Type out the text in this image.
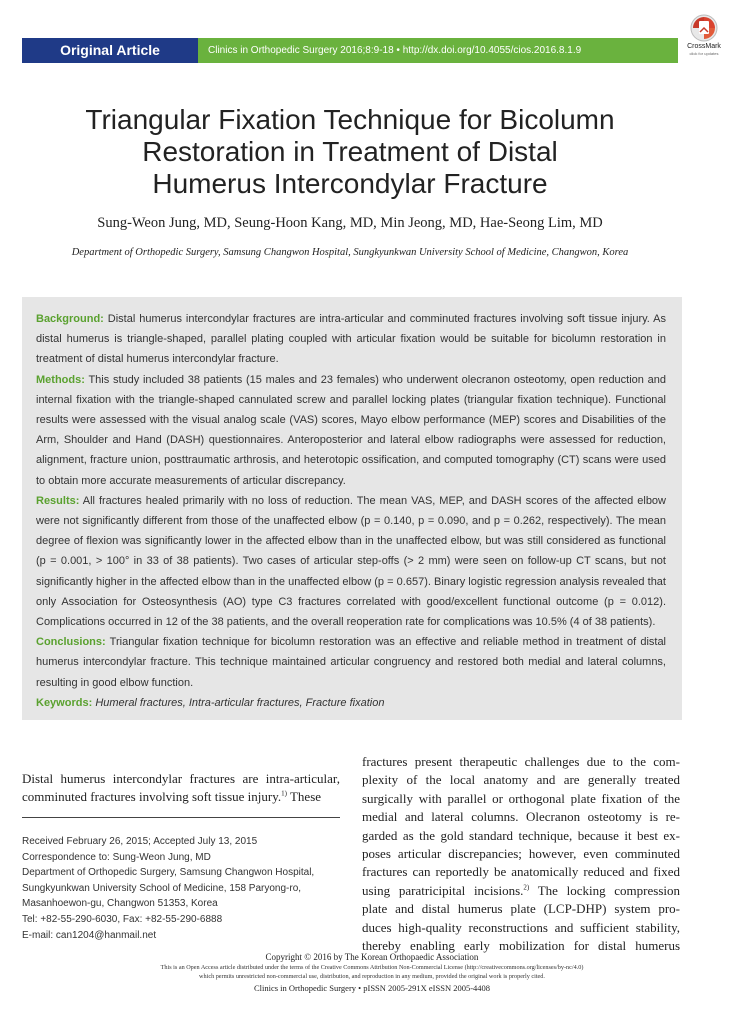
Original Article	Clinics in Orthopedic Surgery 2016;8:9-18 • http://dx.doi.org/10.4055/cios.2016.8.1.9	CrossMark
click for updates
Triangular Fixation Technique for Bicolumn
Restoration in Treatment of Distal
Humerus Intercondylar Fracture
Sung-Weon Jung, MD, Seung-Hoon Kang, MD, Min Jeong, MD, Hae-Seong Lim, MD
Department of Orthopedic Surgery, Samsung Changwon Hospital, Sungkyunkwan University School of Medicine, Changwon, Korea

Background: Distal humerus intercondylar fractures are intra-articular and comminuted fractures involving soft tissue injury. As distal humerus is triangle-shaped, parallel plating coupled with articular fixation would be suitable for bicolumn restoration in treatment of distal humerus intercondylar fracture.

Methods: This study included 38 patients (15 males and 23 females) who underwent olecranon osteotomy, open reduction and internal fixation with the triangle-shaped cannulated screw and parallel locking plates (triangular fixation technique). Functional results were assessed with the visual analog scale (VAS) scores, Mayo elbow performance (MEP) scores and Disabilities of the Arm, Shoulder and Hand (DASH) questionnaires. Anteroposterior and lateral elbow radiographs were assessed for reduction, alignment, fracture union, posttraumatic arthrosis, and heterotopic ossification, and computed tomography (CT) scans were used to obtain more accurate measurements of articular discrepancy.

Results: All fractures healed primarily with no loss of reduction. The mean VAS, MEP, and DASH scores of the affected elbow were not significantly different from those of the unaffected elbow (p = 0.140, p = 0.090, and p = 0.262, respectively). The mean degree of flexion was significantly lower in the affected elbow than in the unaffected elbow, but was still considered as functional (p = 0.001, > 100° in 33 of 38 patients). Two cases of articular step-offs (> 2 mm) were seen on follow-up CT scans, but not significantly higher in the affected elbow than in the unaffected elbow (p = 0.657). Binary logistic regression analysis revealed that only Association for Osteosynthesis (AO) type C3 fractures correlated with good/excellent functional outcome (p = 0.012). Complications occurred in 12 of the 38 patients, and the overall reoperation rate for complications was 10.5% (4 of 38 patients).

Conclusions: Triangular fixation technique for bicolumn restoration was an effective and reliable method in treatment of distal humerus intercondylar fracture. This technique maintained articular congruency and restored both medial and lateral columns, resulting in good elbow function.

Keywords: Humeral fractures, Intra-articular fractures, Fracture fixation

Distal humerus intercondylar fractures are intra-articular, comminuted fractures involving soft tissue injury.$^{1)}$ These
Received February 26, 2015; Accepted July 13, 2015
Correspondence to: Sung-Weon Jung, MD
Department of Orthopedic Surgery, Samsung Changwon Hospital,
Sungkyunkwan University School of Medicine, 158 Paryong-ro,
Masanhoewon-gu, Changwon 51353, Korea
Tel: +82-55-290-6030, Fax: +82-55-290-6888
E-mail: can1204@hanmail.net
fractures present therapeutic challenges due to the com-
plexity of the local anatomy and are generally treated
surgically with parallel or orthogonal plate fixation of the
medial and lateral columns. Olecranon osteotomy is re-
garded as the gold standard technique, because it best ex-
poses articular discrepancies; however, even comminuted
fractures can reportedly be anatomically reduced and fixed
using paratricipital incisions.$^{2)}$ The locking compression
plate and distal humerus plate (LCP-DHP) system pro-
duces high-quality reconstructions and sufficient stability,
thereby enabling early mobilization for distal humerus
Copyright © 2016 by The Korean Orthopaedic Association
This is an Open Access article distributed under the terms of the Creative Commons Attribution Non-Commercial License (http://creativecommons.org/licenses/by-nc/4.0)
which permits unrestricted non-commercial use, distribution, and reproduction in any medium, provided the original work is properly cited.
Clinics in Orthopedic Surgery • pISSN 2005-291X eISSN 2005-4408
